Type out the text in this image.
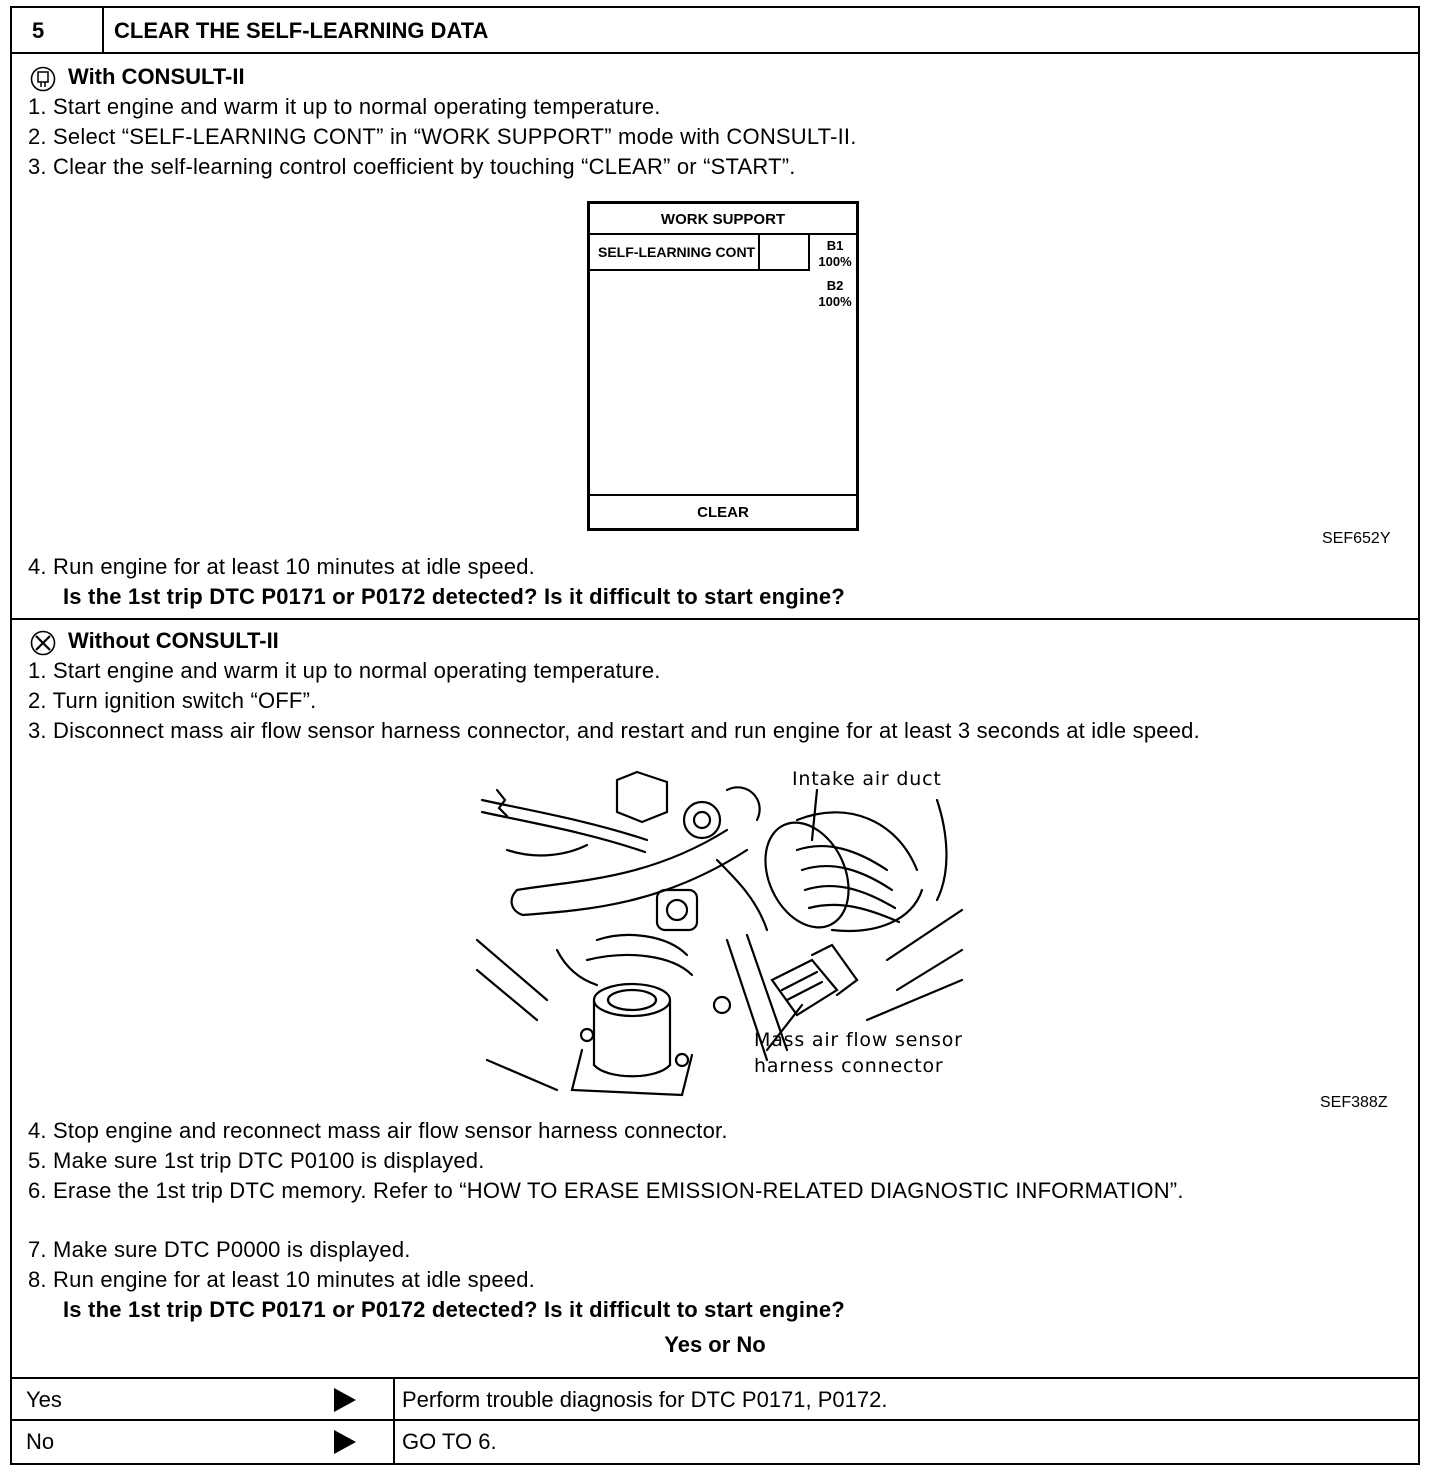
5	CLEAR THE SELF-LEARNING DATA
With CONSULT-II
1. Start engine and warm it up to normal operating temperature.
2. Select “SELF-LEARNING CONT” in “WORK SUPPORT” mode with CONSULT-II.
3. Clear the self-learning control coefficient by touching “CLEAR” or “START”.
WORK SUPPORT
SELF-LEARNING CONT	B1
100%
B2
100%
CLEAR
SEF652Y
4. Run engine for at least 10 minutes at idle speed.
Is the 1st trip DTC P0171 or P0172 detected? Is it difficult to start engine?
Without CONSULT-II
1. Start engine and warm it up to normal operating temperature.
2. Turn ignition switch “OFF”.
3. Disconnect mass air flow sensor harness connector, and restart and run engine for at least 3 seconds at idle speed.
Intake air duct
Mass air flow sensor
harness connector
SEF388Z
4. Stop engine and reconnect mass air flow sensor harness connector.
5. Make sure 1st trip DTC P0100 is displayed.
6. Erase the 1st trip DTC memory. Refer to “HOW TO ERASE EMISSION-RELATED DIAGNOSTIC INFORMATION”.
7. Make sure DTC P0000 is displayed.
8. Run engine for at least 10 minutes at idle speed.
Is the 1st trip DTC P0171 or P0172 detected? Is it difficult to start engine?
Yes or No
Yes	Perform trouble diagnosis for DTC P0171, P0172.
No	GO TO 6.
